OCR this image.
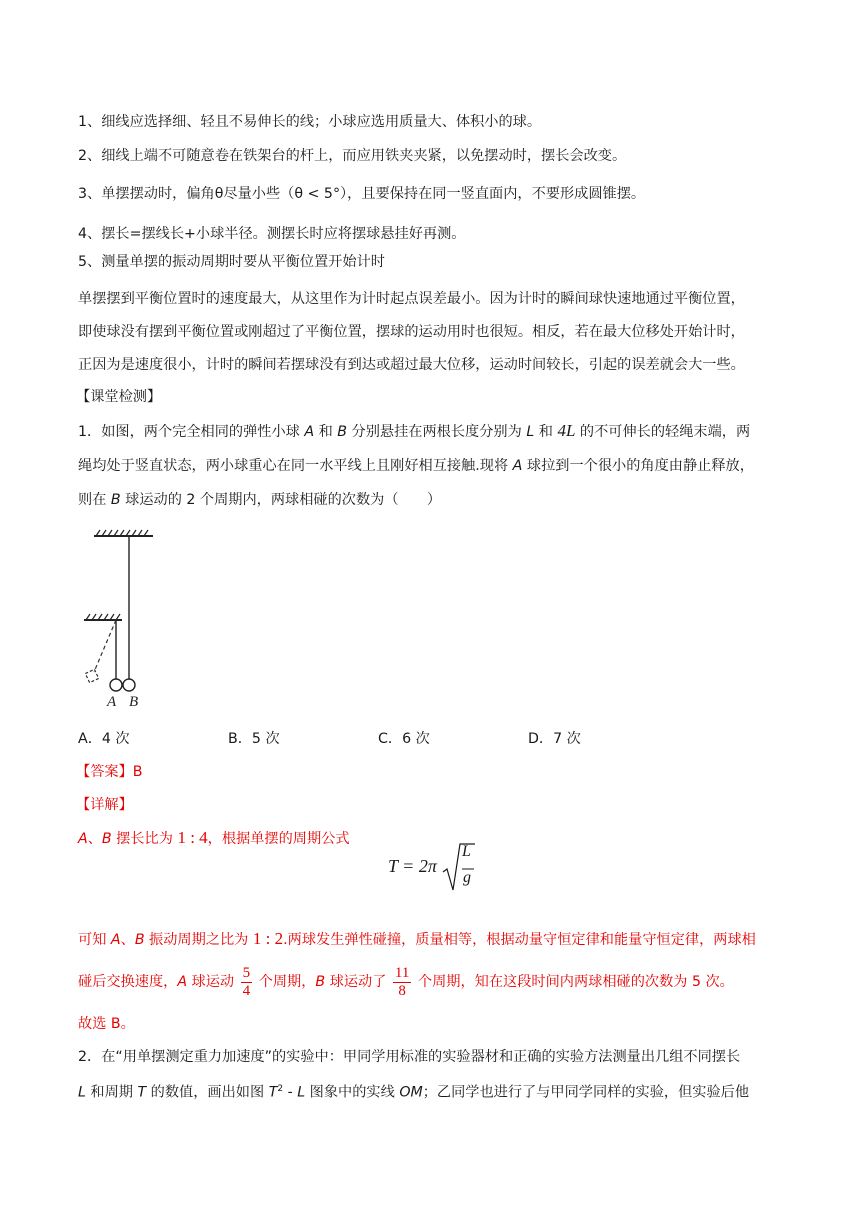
1、细线应选择细、轻且不易伸长的线；小球应选用质量大、体积小的球。
2、细线上端不可随意卷在铁架台的杆上，而应用铁夹夹紧，以免摆动时，摆长会改变。
3、单摆摆动时，偏角θ尽量小些（θ < 5°），且要保持在同一竖直面内，不要形成圆锥摆。
4、摆长=摆线长+小球半径。测摆长时应将摆球悬挂好再测。
5、测量单摆的振动周期时要从平衡位置开始计时
单摆摆到平衡位置时的速度最大，从这里作为计时起点误差最小。因为计时的瞬间球快速地通过平衡位置，
即使球没有摆到平衡位置或刚超过了平衡位置，摆球的运动用时也很短。相反，若在最大位移处开始计时，
正因为是速度很小，计时的瞬间若摆球没有到达或超过最大位移，运动时间较长，引起的误差就会大一些。
【课堂检测】
1．如图，两个完全相同的弹性小球 A 和 B 分别悬挂在两根长度分别为 L 和 4L 的不可伸长的轻绳末端，两
绳均处于竖直状态，两小球重心在同一水平线上且刚好相互接触.现将 A 球拉到一个很小的角度由静止释放，
则在 B 球运动的 2 个周期内，两球相碰的次数为（　　）
A B
A．4 次	B．5 次	C．6 次	D．7 次
【答案】B
【详解】
A、B 摆长比为 1 : 4，根据单摆的周期公式
T = 2π
L
g
可知 A、B 振动周期之比为 1 : 2.两球发生弹性碰撞，质量相等，根据动量守恒定律和能量守恒定律，两球相
碰后交换速度，A 球运动 $\frac{5}{4}$ 个周期，B 球运动了 $\frac{11}{8}$ 个周期，知在这段时间内两球相碰的次数为 5 次。
故选 B。
2．在“用单摆测定重力加速度”的实验中：甲同学用标准的实验器材和正确的实验方法测量出几组不同摆长
L 和周期 T 的数值，画出如图 $T^2$ - L 图象中的实线 OM；乙同学也进行了与甲同学同样的实验，但实验后他
